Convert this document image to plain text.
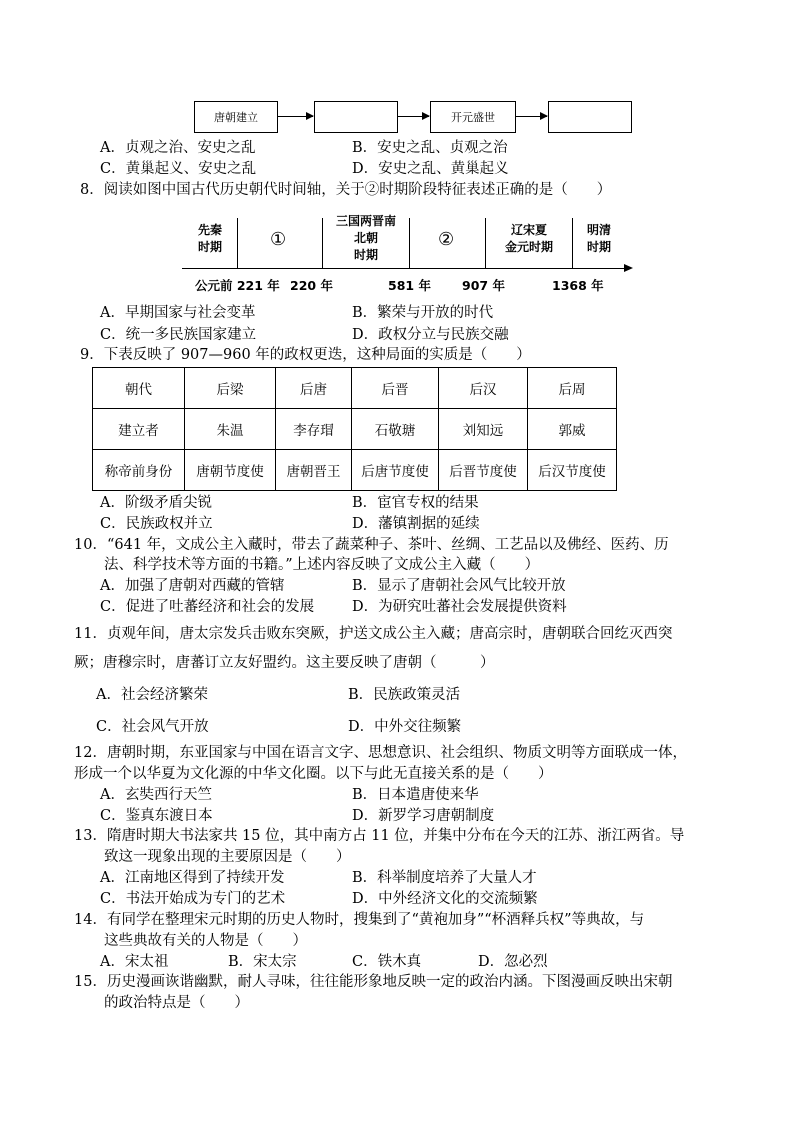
唐朝建立	开元盛世
A．贞观之治、安史之乱	B．安史之乱、贞观之治
C．黄巢起义、安史之乱	D．安史之乱、黄巢起义
8．阅读如图中国古代历史朝代时间轴，关于②时期阶段特征表述正确的是（　　）
先秦
时期	①
三国两晋南
北朝
时期
②	辽宋夏
金元时期
明清
时期
公元前 221 年 220 年	581 年 907 年	1368 年
A．早期国家与社会变革	B．繁荣与开放的时代
C．统一多民族国家建立	D．政权分立与民族交融
9．下表反映了 907—960 年的政权更迭，这种局面的实质是（　　）
朝代	后梁	后唐	后晋	后汉	后周
建立者	朱温	李存瑁	石敬瑭	刘知远	郭威
称帝前身份	唐朝节度使	唐朝晋王	后唐节度使	后晋节度使	后汉节度使
A．阶级矛盾尖锐	B．宦官专权的结果
C．民族政权并立	D．藩镇割据的延续
10．“641 年，文成公主入藏时，带去了蔬菜种子、茶叶、丝绸、工艺品以及佛经、医药、历
法、科学技术等方面的书籍。”上述内容反映了文成公主入藏（　　）
A．加强了唐朝对西藏的管辖	B．显示了唐朝社会风气比较开放
C．促进了吐蕃经济和社会的发展	D．为研究吐蕃社会发展提供资料
11．贞观年间，唐太宗发兵击败东突厥，护送文成公主入藏；唐高宗时，唐朝联合回纥灭西突
厥；唐穆宗时，唐蕃订立友好盟约。这主要反映了唐朝（　　　）
A．社会经济繁荣	B．民族政策灵活
C．社会风气开放	D．中外交往频繁
12．唐朝时期，东亚国家与中国在语言文字、思想意识、社会组织、物质文明等方面联成一体，
形成一个以华夏为文化源的中华文化圈。以下与此无直接关系的是（　　）
A．玄奘西行天竺	B．日本遣唐使来华
C．鉴真东渡日本	D．新罗学习唐朝制度
13．隋唐时期大书法家共 15 位，其中南方占 11 位，并集中分布在今天的江苏、浙江两省。导
致这一现象出现的主要原因是（　　）
A．江南地区得到了持续开发	B．科举制度培养了大量人才
C．书法开始成为专门的艺术	D．中外经济文化的交流频繁
14．有同学在整理宋元时期的历史人物时，搜集到了“黄袍加身”“杯酒释兵权”等典故，与
这些典故有关的人物是（　　）
A．宋太祖	B．宋太宗	C．铁木真	D．忽必烈
15．历史漫画诙谐幽默，耐人寻味，往往能形象地反映一定的政治内涵。下图漫画反映出宋朝
的政治特点是（　　）
